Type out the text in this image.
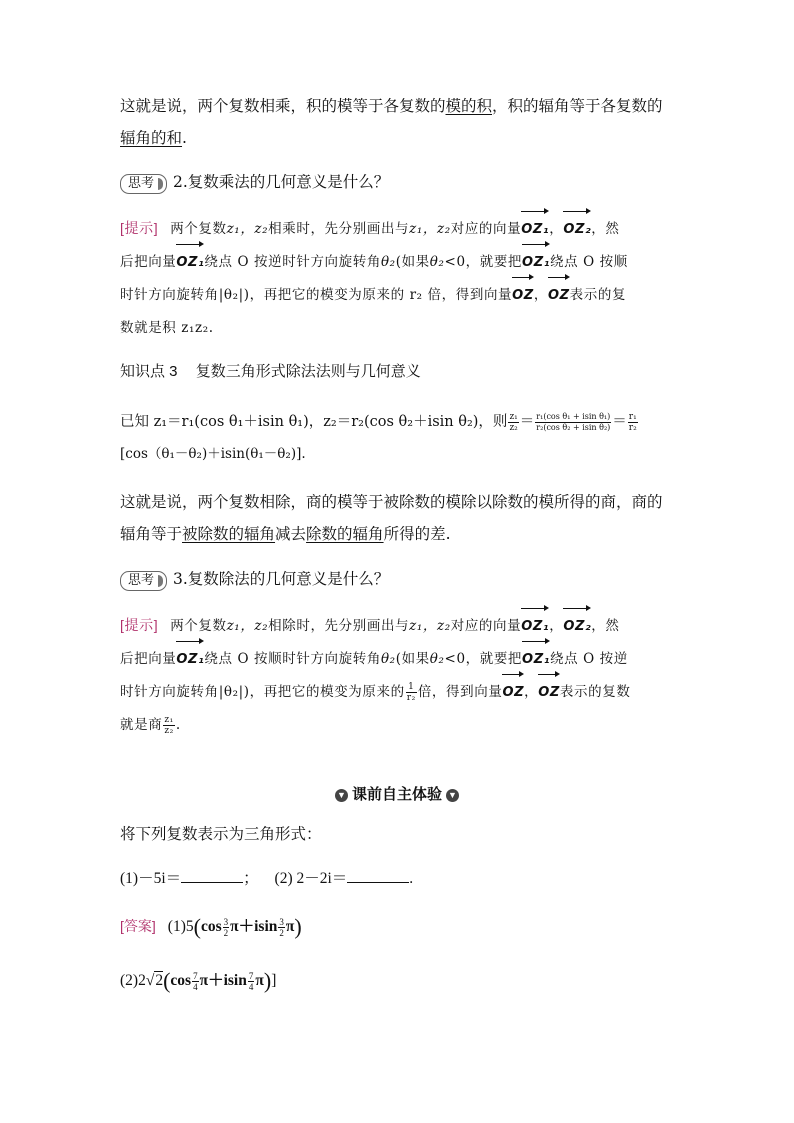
这就是说，两个复数相乘，积的模等于各复数的模的积，积的辐角等于各复数的
辐角的和.
思考 2.复数乘法的几何意义是什么？
[提示] 两个复数z₁，z₂相乘时，先分别画出与z₁，z₂对应的向量OZ₁，OZ₂，然
后把向量OZ₁绕点 O 按逆时针方向旋转角θ₂(如果θ₂<0，就要把OZ₁绕点 O 按顺
时针方向旋转角|θ₂|)，再把它的模变为原来的 r₂ 倍，得到向量OZ，OZ表示的复
数就是积 z₁z₂.
知识点 3 复数三角形式除法法则与几何意义
已知 z₁＝r₁(cos θ₁＋isin θ₁)，z₂＝r₂(cos θ₂＋isin θ₂)，则 $\frac{\text{z₁}}{\text{z₂}} = \frac{\text{r₁(cos θ₁ + isin θ₁)}}{\text{r₂(cos θ₂ + isin θ₂)}} = \frac{\text{r₁}}{\text{r₂}}$
[cos（θ₁－θ₂)＋isin(θ₁－θ₂)].
这就是说，两个复数相除，商的模等于被除数的模除以除数的模所得的商，商的
辐角等于被除数的辐角减去除数的辐角所得的差.
思考 3.复数除法的几何意义是什么？
[提示] 两个复数z₁，z₂相除时，先分别画出与z₁，z₂对应的向量OZ₁，OZ₂，然
后把向量OZ₁绕点 O 按顺时针方向旋转角θ₂(如果θ₂<0，就要把OZ₁绕点 O 按逆
时针方向旋转角|θ₂|)，再把它的模变为原来的 $\frac{1}{\text{r₂}}$ 倍，得到向量OZ，OZ表示的复数
就是商 $\frac{\text{z₁}}{\text{z₂}}$ .
▼ 课前自主体验 ▼
将下列复数表示为三角形式：
(1)－5i＝	； (2) 2－2i＝	.
[答案] $(1)5(\cos \frac{3}{2} \pi+isin \frac{3}{2} \pi)$
$(2)2√2(\cos \frac{7}{4} \pi+isin \frac{7}{4} \pi)$]
